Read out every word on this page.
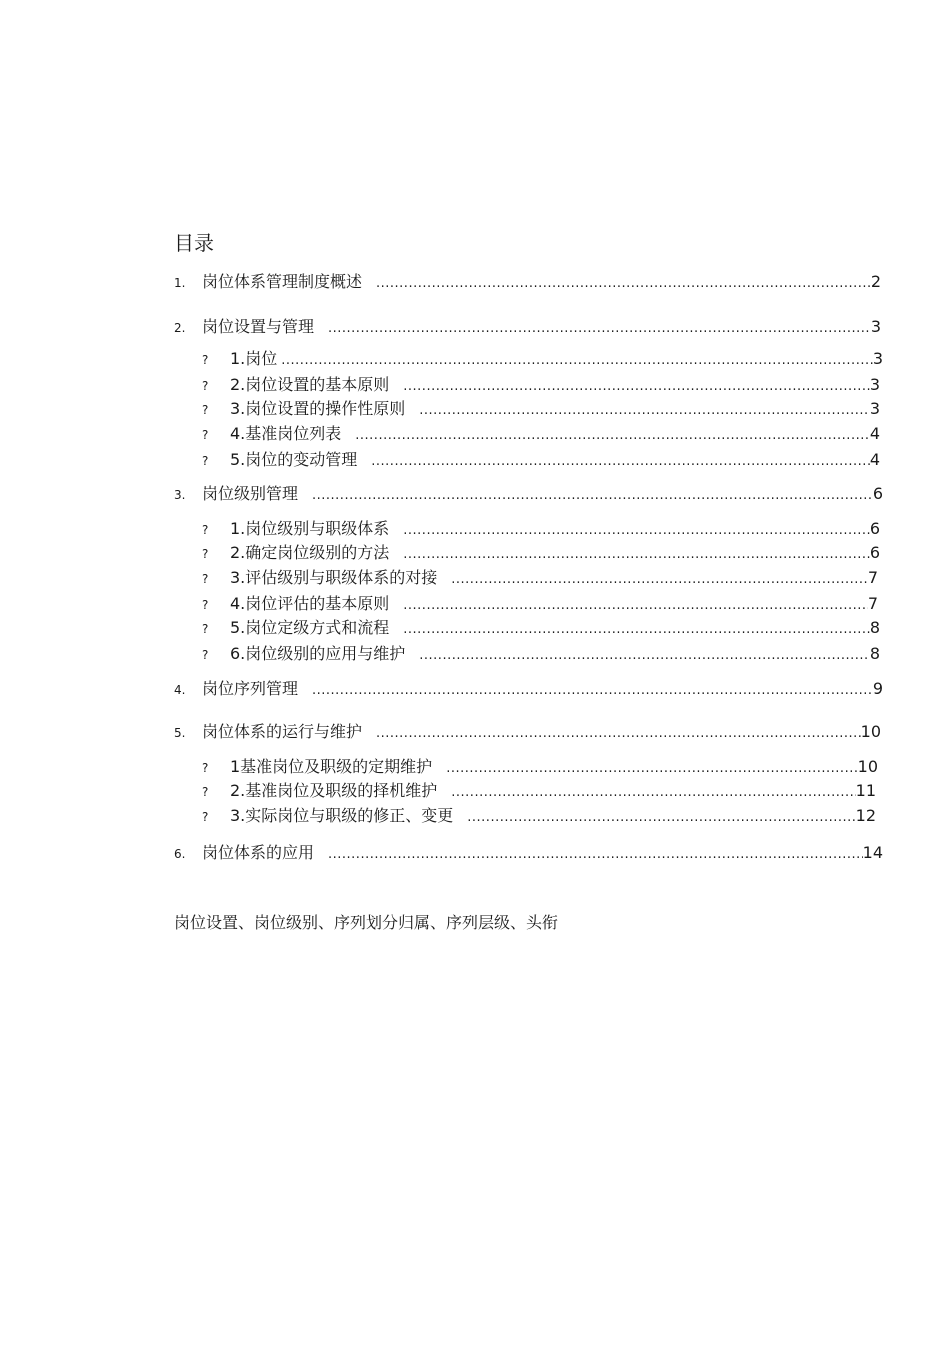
目录
1.	岗位体系管理制度概述 .....	2
2.	岗位设置与管理 .....	3
?	1.岗位 .....	3
?	2.岗位设置的基本原则 .....	3
?	3.岗位设置的操作性原则 .....	3
?	4.基准岗位列表 .....	4
?	5.岗位的变动管理 .....	4
3.	岗位级别管理 .....	6
?	1.岗位级别与职级体系 .....	6
?	2.确定岗位级别的方法 .....	6
?	3.评估级别与职级体系的对接 .....	7
?	4.岗位评估的基本原则 .....	7
?	5.岗位定级方式和流程 .....	8
?	6.岗位级别的应用与维护 .....	8
4.	岗位序列管理 .....	9
5.	岗位体系的运行与维护 .....	10
?	1基准岗位及职级的定期维护 .....	10
?	2.基准岗位及职级的择机维护 .....	11
?	3.实际岗位与职级的修正、变更 .....	12
6.	岗位体系的应用 .....	14
岗位设置、岗位级别、序列划分归属、序列层级、头衔
